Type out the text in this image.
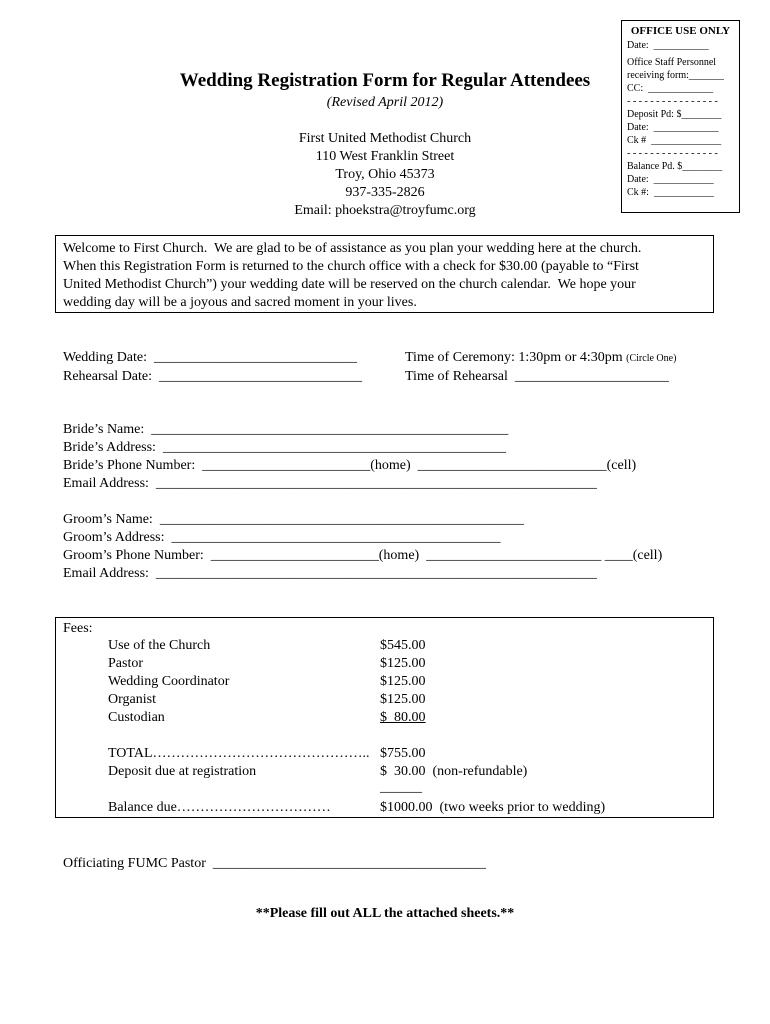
OFFICE USE ONLY
Date:  ___________
Office Staff Personnel
receiving form:_______
CC:  _____________
- - - - - - - - - - - - - - - -
Deposit Pd: $________
Date:  _____________
Ck #  ______________
- - - - - - - - - - - - - - - -
Balance Pd. $________
Date:  ____________
Ck #:  ____________
Wedding Registration Form for Regular Attendees
(Revised April 2012)
First United Methodist Church
110 West Franklin Street
Troy, Ohio 45373
937-335-2826
Email: phoekstra@troyfumc.org
Welcome to First Church.  We are glad to be of assistance as you plan your wedding here at the church.
When this Registration Form is returned to the church office with a check for $30.00 (payable to “First
United Methodist Church”) your wedding date will be reserved on the church calendar.  We hope your
wedding day will be a joyous and sacred moment in your lives.
Wedding Date:  _____________________________
Rehearsal Date:  _____________________________
Time of Ceremony: 1:30pm or 4:30pm (Circle One)
Time of Rehearsal  ______________________
Bride’s Name:  ___________________________________________________
Bride’s Address:  _________________________________________________
Bride’s Phone Number:  ________________________(home)  ___________________________(cell)
Email Address:  _______________________________________________________________
Groom’s Name:  ____________________________________________________
Groom’s Address:  _______________________________________________
Groom’s Phone Number:  ________________________(home)  _________________________ ____(cell)
Email Address:  _______________________________________________________________
Fees:
Use of the Church	$545.00
Pastor	$125.00
Wedding Coordinator	$125.00
Organist	$125.00
Custodian	$  80.00
TOTAL……………………………………….. $755.00
Deposit due at registration	$  30.00  (non-refundable)
______
Balance due……………………………	$1000.00  (two weeks prior to wedding)
Officiating FUMC Pastor  _______________________________________
**Please fill out ALL the attached sheets.**
